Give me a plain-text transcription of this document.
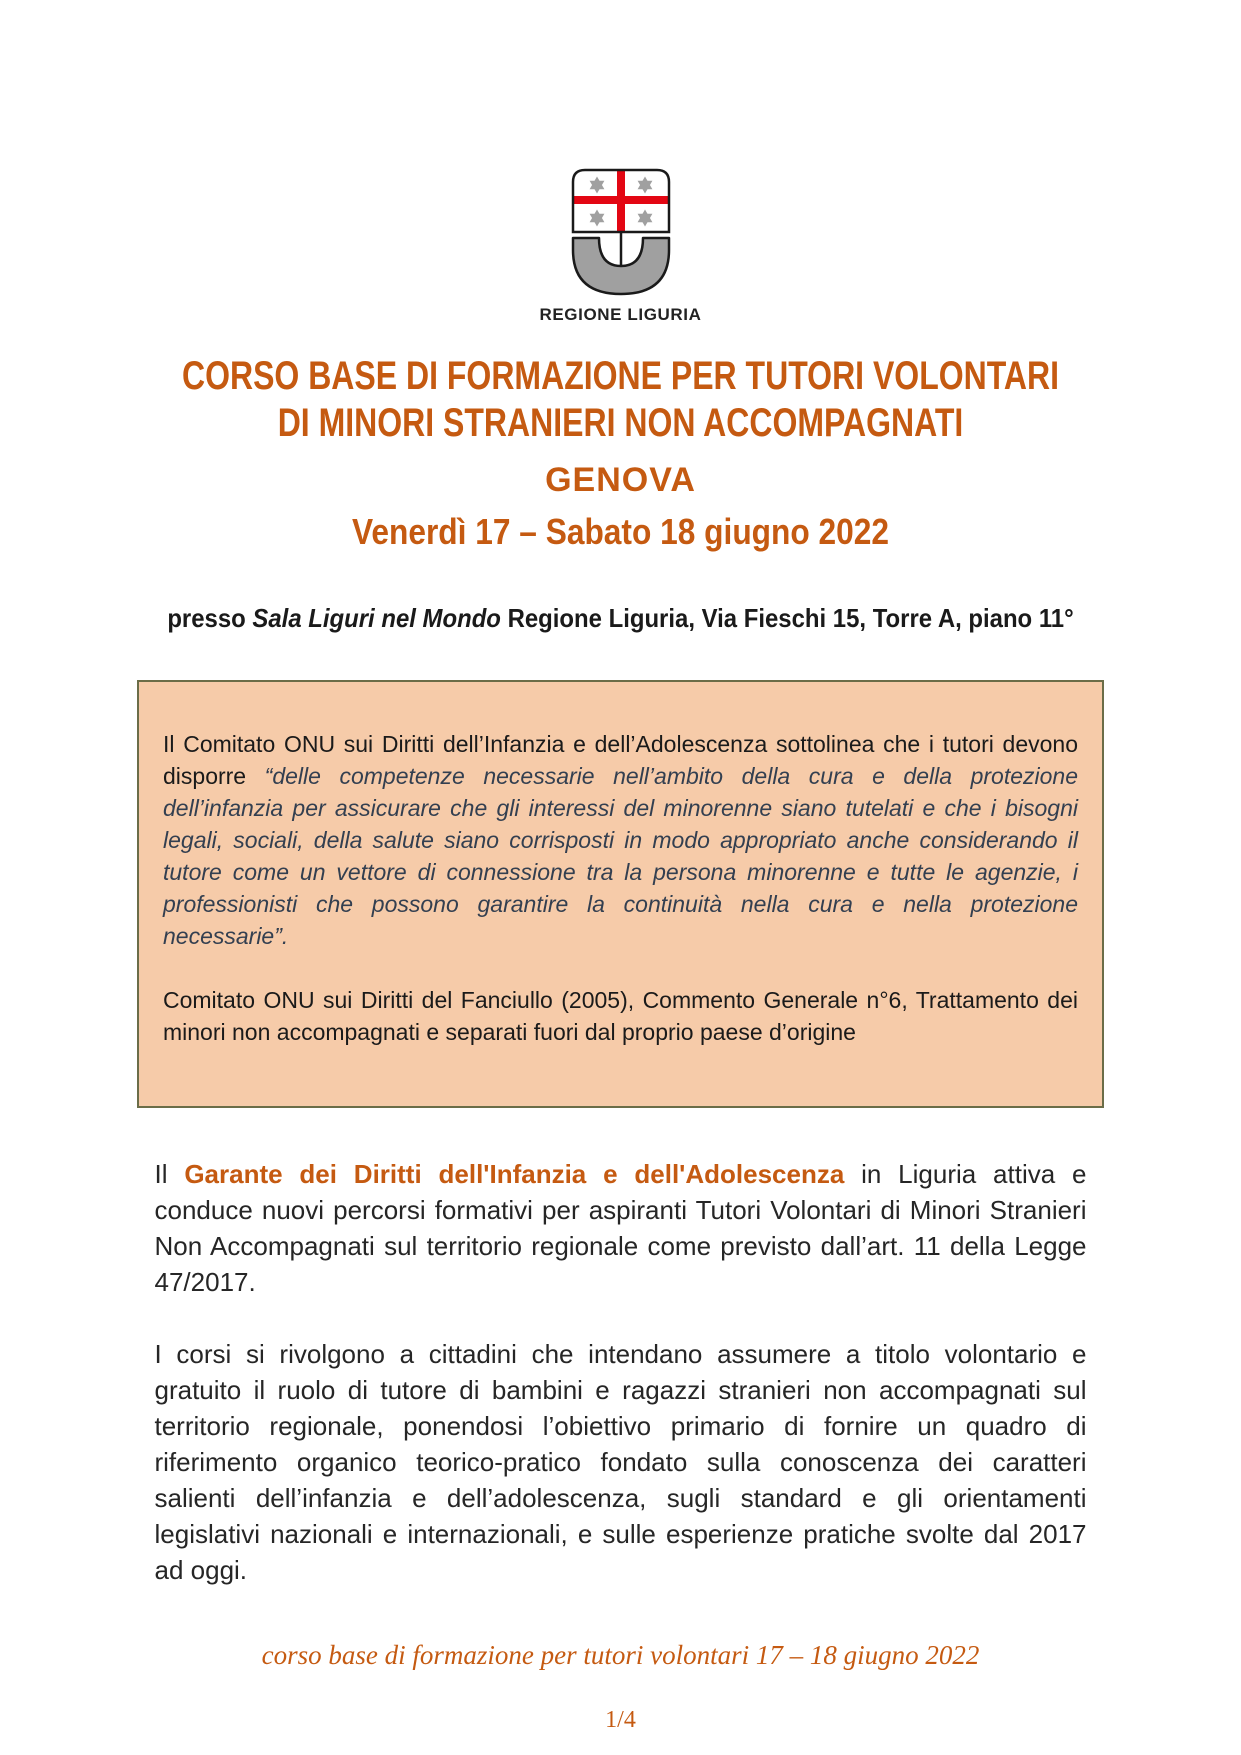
REGIONE LIGURIA
CORSO BASE DI FORMAZIONE PER TUTORI VOLONTARI
DI MINORI STRANIERI NON ACCOMPAGNATI
GENOVA
Venerdì 17 – Sabato 18 giugno 2022

presso Sala Liguri nel Mondo Regione Liguria, Via Fieschi 15, Torre A, piano 11°

Il Comitato ONU sui Diritti dell’Infanzia e dell’Adolescenza sottolinea che i tutori devono disporre “delle competenze necessarie nell’ambito della cura e della protezione dell’infanzia per assicurare che gli interessi del minorenne siano tutelati e che i bisogni legali, sociali, della salute siano corrisposti in modo appropriato anche considerando il tutore come un vettore di connessione tra la persona minorenne e tutte le agenzie, i professionisti che possono garantire la continuità nella cura e nella protezione necessarie”.

Comitato ONU sui Diritti del Fanciullo (2005), Commento Generale n°6, Trattamento dei minori non accompagnati e separati fuori dal proprio paese d’origine

Il Garante dei Diritti dell'Infanzia e dell'Adolescenza in Liguria attiva e conduce nuovi percorsi formativi per aspiranti Tutori Volontari di Minori Stranieri Non Accompagnati sul territorio regionale come previsto dall’art. 11 della Legge 47/2017.

I corsi si rivolgono a cittadini che intendano assumere a titolo volontario e gratuito il ruolo di tutore di bambini e ragazzi stranieri non accompagnati sul territorio regionale, ponendosi l’obiettivo primario di fornire un quadro di riferimento organico teorico-pratico fondato sulla conoscenza dei caratteri salienti dell’infanzia e dell’adolescenza, sugli standard e gli orientamenti legislativi nazionali e internazionali, e sulle esperienze pratiche svolte dal 2017 ad oggi.

corso base di formazione per tutori volontari 17 – 18 giugno 2022

1/4
